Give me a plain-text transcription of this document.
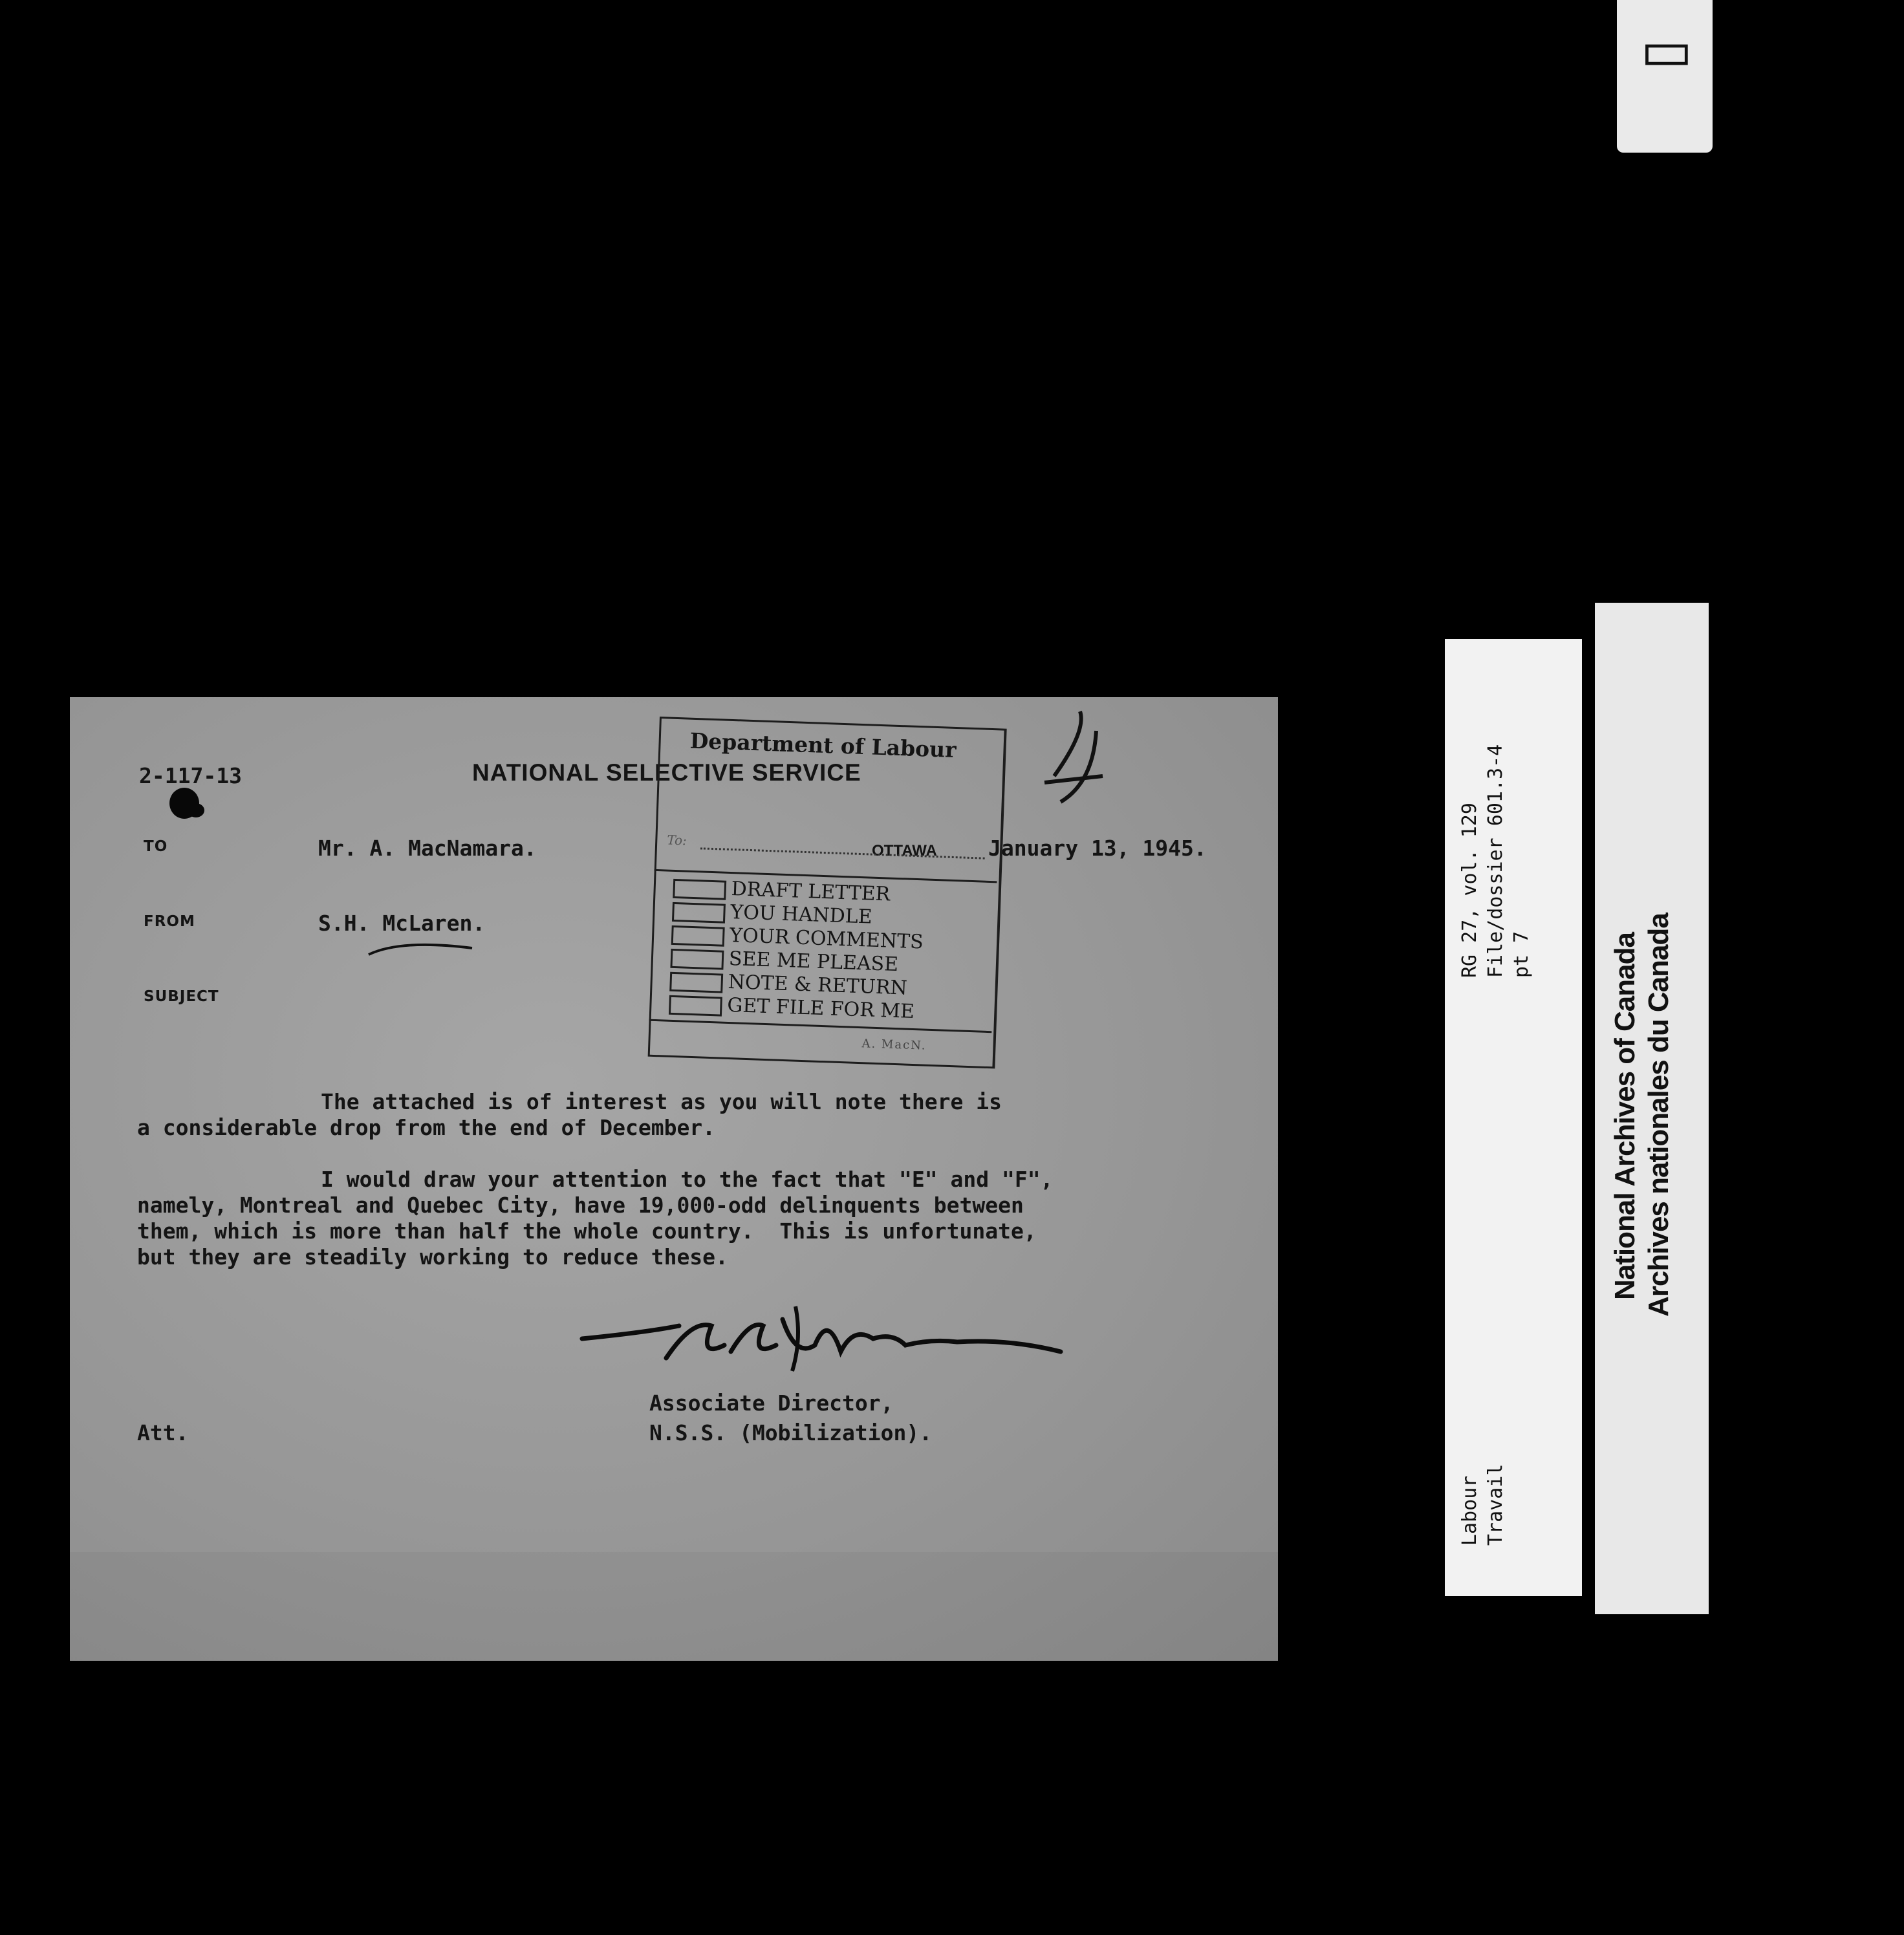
▭
2-117-13	NATIONAL SELECTIVE SERVICE
TO
FROM
SUBJECT
Mr. A. MacNamara.
S.H. McLaren.
OTTAWA January 13, 1945.
Department of Labour
To:
DRAFT LETTER
YOU HANDLE
YOUR COMMENTS
SEE ME PLEASE
NOTE & RETURN
GET FILE FOR ME
A. MacN.
The attached is of interest as you will note there is
a considerable drop from the end of December.
I would draw your attention to the fact that "E" and "F",
namely, Montreal and Quebec City, have 19,000-odd delinquents between
them, which is more than half the whole country.  This is unfortunate,
but they are steadily working to reduce these.
Associate Director,
N.S.S. (Mobilization).
Att.
RG 27, vol. 129 File/dossier 601.3-4 pt 7
Labour Travail
National Archives of Canada Archives nationales du Canada
